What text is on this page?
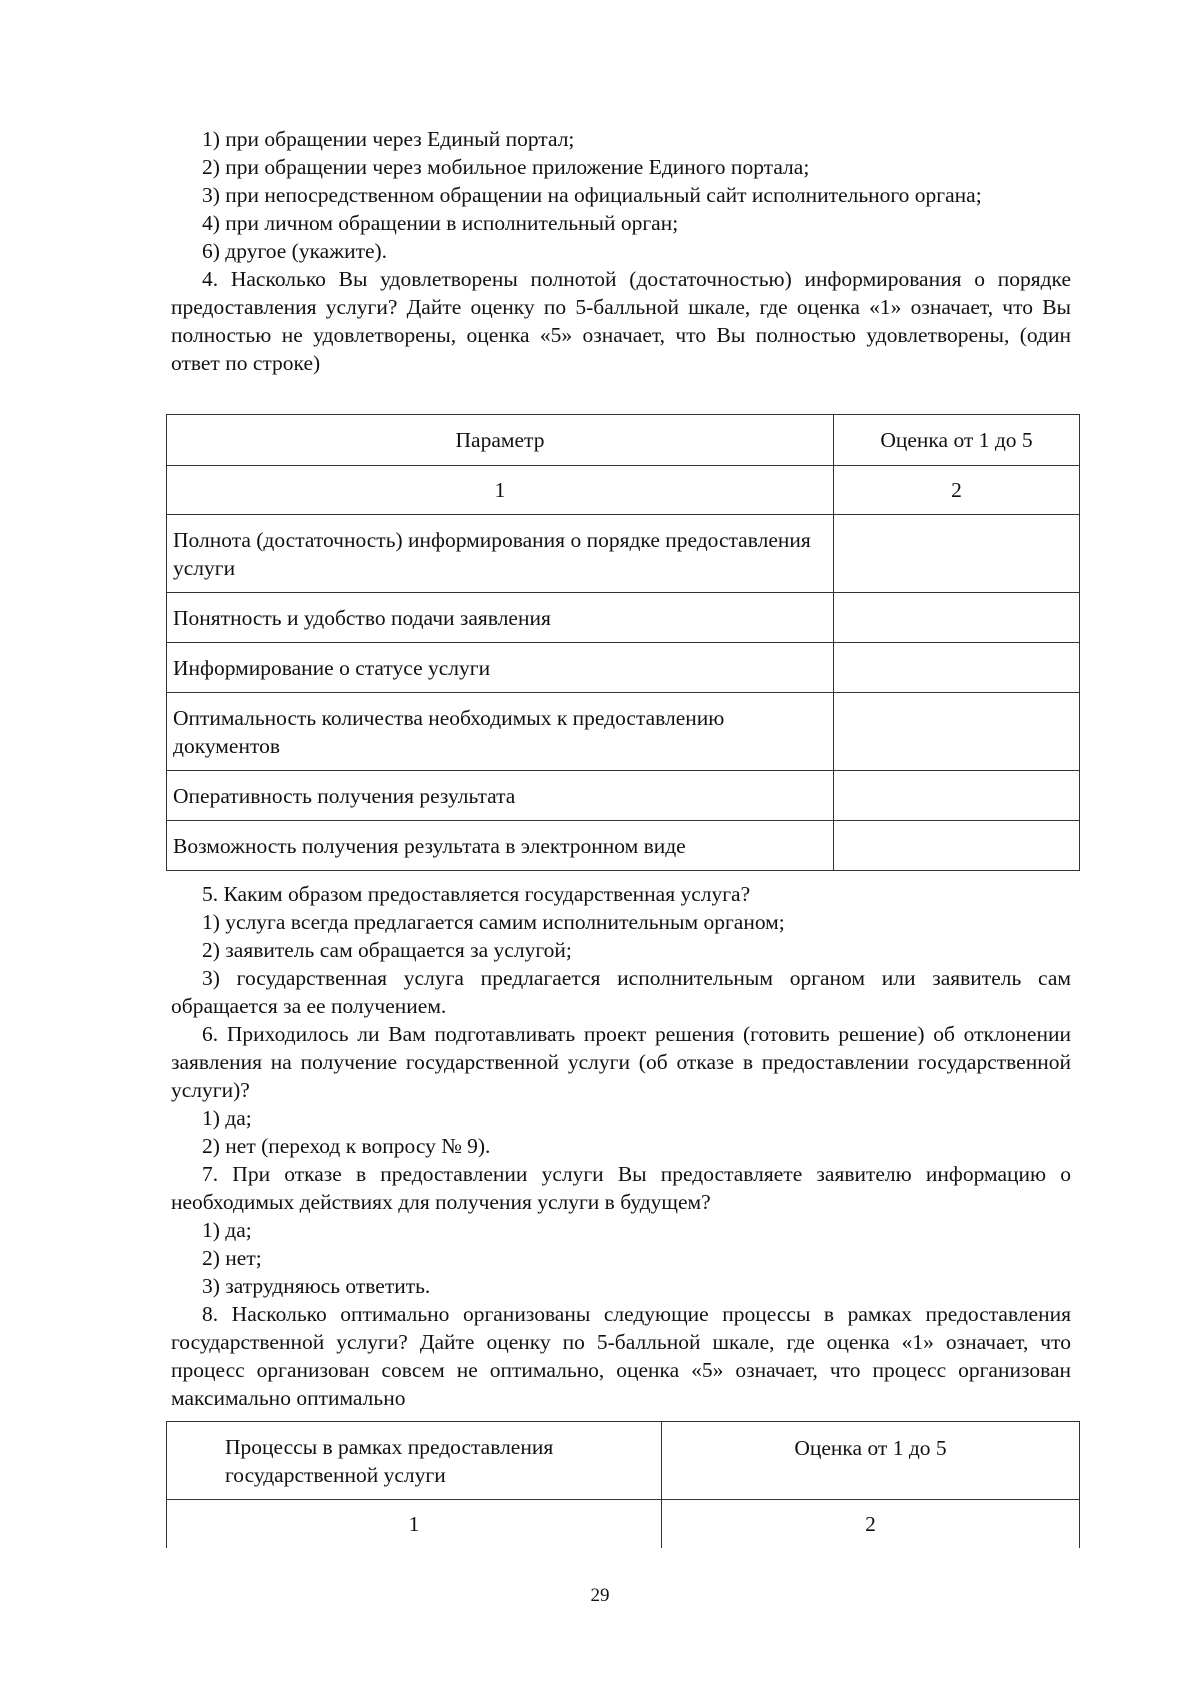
1) при обращении через Единый портал;

2) при обращении через мобильное приложение Единого портала;

3) при непосредственном обращении на официальный сайт исполнительного органа;

4) при личном обращении в исполнительный орган;

6) другое (укажите).

4. Насколько Вы удовлетворены полнотой (достаточностью) информирования о порядке предоставления услуги? Дайте оценку по 5-балльной шкале, где оценка «1» означает, что Вы полностью не удовлетворены, оценка «5» означает, что Вы полностью удовлетворены, (один ответ по строке)

Параметр	Оценка от 1 до 5
1	2
Полнота (достаточность) информирования о порядке предоставления услуги	
Понятность и удобство подачи заявления	
Информирование о статусе услуги	
Оптимальность количества необходимых к предоставлению документов	
Оперативность получения результата	
Возможность получения результата в электронном виде	

5. Каким образом предоставляется государственная услуга?

1) услуга всегда предлагается самим исполнительным органом;

2) заявитель сам обращается за услугой;

3) государственная услуга предлагается исполнительным органом или заявитель сам обращается за ее получением.

6. Приходилось ли Вам подготавливать проект решения (готовить решение) об отклонении заявления на получение государственной услуги (об отказе в предоставлении государственной услуги)?

1) да;

2) нет (переход к вопросу № 9).

7. При отказе в предоставлении услуги Вы предоставляете заявителю информацию о необходимых действиях для получения услуги в будущем?

1) да;

2) нет;

3) затрудняюсь ответить.

8. Насколько оптимально организованы следующие процессы в рамках предоставления государственной услуги? Дайте оценку по 5-балльной шкале, где оценка «1» означает, что процесс организован совсем не оптимально, оценка «5» означает, что процесс организован максимально оптимально

Процессы в рамках предоставления государственной услуги	Оценка от 1 до 5
1	2
29
